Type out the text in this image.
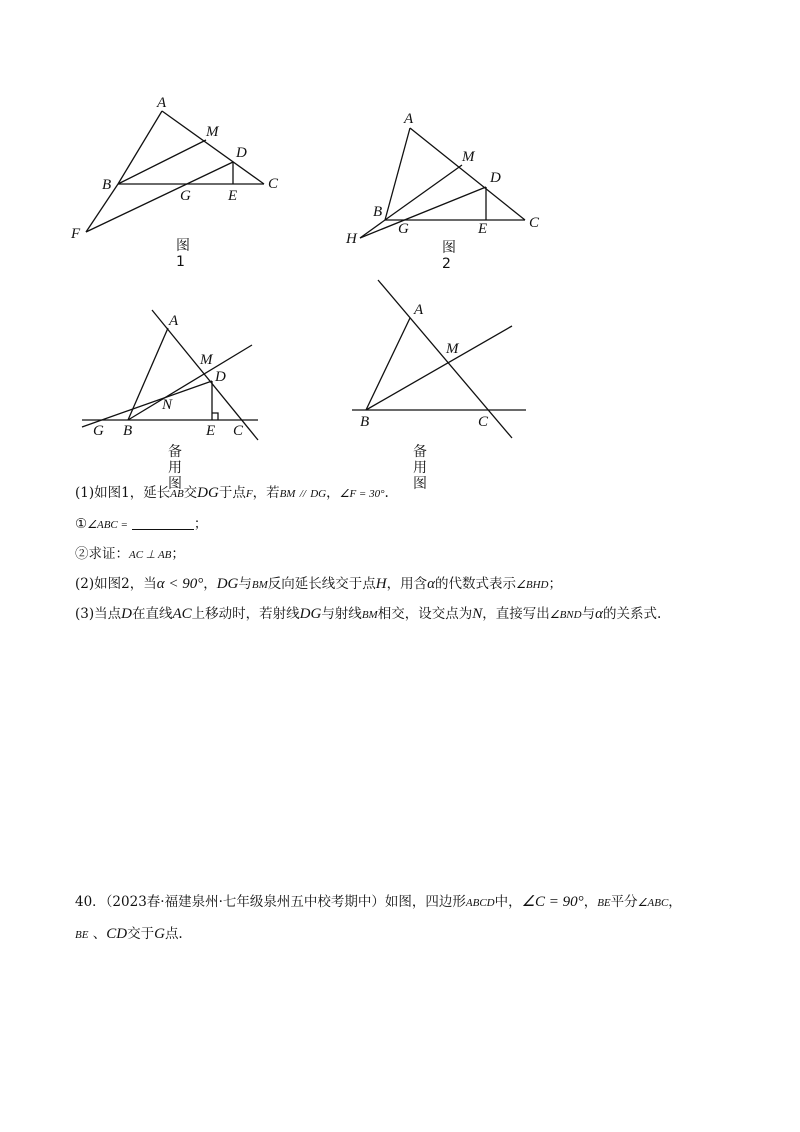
A
M
D
B
G E
C
F
图1
A
M
D
B
H
G	E	C
图2
A
M
D
N
G B	E C
备用图
A
M
B	C
备用图
(1)如图1，延长AB交DG于点F，若BM // DG，∠F = 30°.
①∠ABC =	；
②求证：AC ⊥ AB；
(2)如图2，当α < 90°，DG与BM反向延长线交于点H，用含α的代数式表示∠BHD；
(3)当点D在直线AC上移动时，若射线DG与射线BM相交，设交点为N，直接写出∠BND与α的关系式.
40．（2023春·福建泉州·七年级泉州五中校考期中）如图，四边形ABCD中，∠C = 90°，BE平分∠ABC，
BE 、CD交于G点.
